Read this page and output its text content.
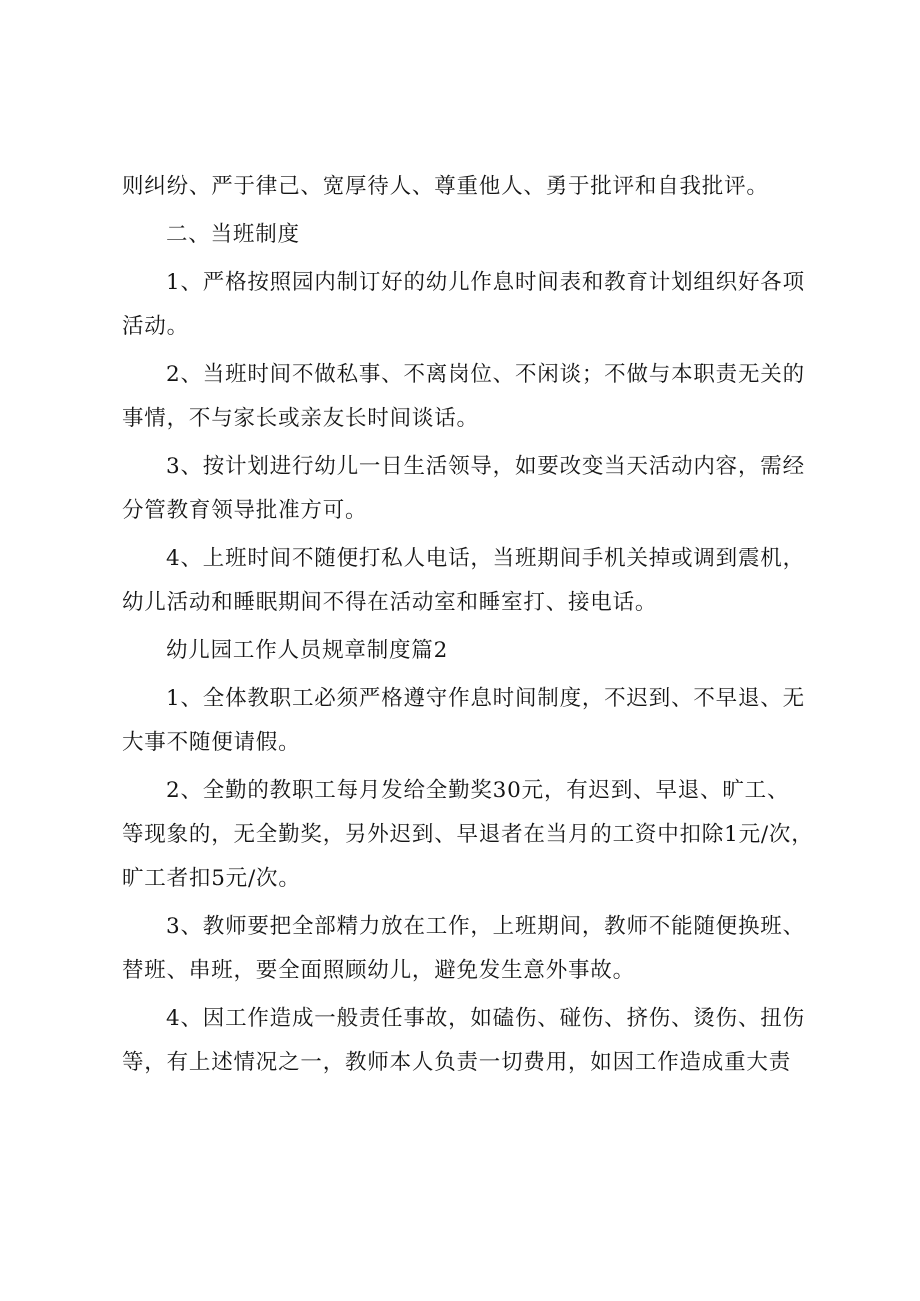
则纠纷、严于律己、宽厚待人、尊重他人、勇于批评和自我批评。
二、当班制度
1、严格按照园内制订好的幼儿作息时间表和教育计划组织好各项
活动。
2、当班时间不做私事、不离岗位、不闲谈；不做与本职责无关的
事情，不与家长或亲友长时间谈话。
3、按计划进行幼儿一日生活领导，如要改变当天活动内容，需经
分管教育领导批准方可。
4、上班时间不随便打私人电话，当班期间手机关掉或调到震机，
幼儿活动和睡眠期间不得在活动室和睡室打、接电话。
幼儿园工作人员规章制度篇2
1、全体教职工必须严格遵守作息时间制度，不迟到、不早退、无
大事不随便请假。
2、全勤的教职工每月发给全勤奖30元，有迟到、早退、旷工、
等现象的，无全勤奖，另外迟到、早退者在当月的工资中扣除1元/次，
旷工者扣5元/次。
3、教师要把全部精力放在工作，上班期间，教师不能随便换班、
替班、串班，要全面照顾幼儿，避免发生意外事故。
4、因工作造成一般责任事故，如磕伤、碰伤、挤伤、烫伤、扭伤
等，有上述情况之一，教师本人负责一切费用，如因工作造成重大责
